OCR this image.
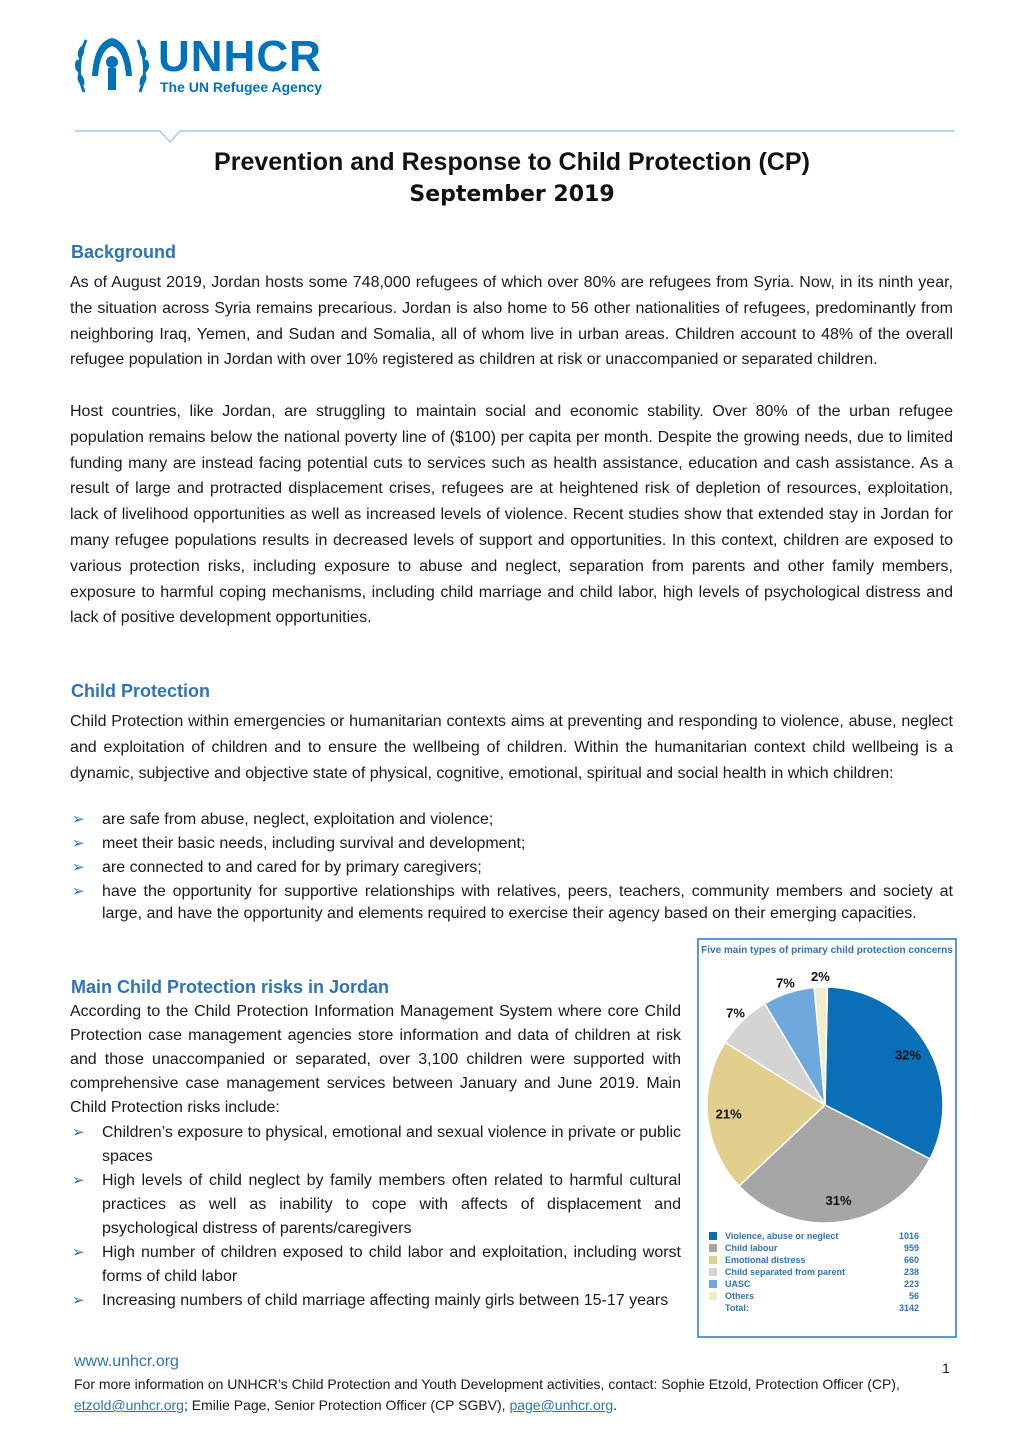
UNHCR
The UN Refugee Agency
Prevention and Response to Child Protection (CP)
September 2019
Background
As of August 2019, Jordan hosts some 748,000 refugees of which over 80% are refugees from Syria. Now, in its ninth year, the situation across Syria remains precarious. Jordan is also home to 56 other nationalities of refugees, predominantly from neighboring Iraq, Yemen, and Sudan and Somalia, all of whom live in urban areas. Children account to 48% of the overall refugee population in Jordan with over 10% registered as children at risk or unaccompanied or separated children.
Host countries, like Jordan, are struggling to maintain social and economic stability. Over 80% of the urban refugee population remains below the national poverty line of ($100) per capita per month. Despite the growing needs, due to limited funding many are instead facing potential cuts to services such as health assistance, education and cash assistance. As a result of large and protracted displacement crises, refugees are at heightened risk of depletion of resources, exploitation, lack of livelihood opportunities as well as increased levels of violence. Recent studies show that extended stay in Jordan for many refugee populations results in decreased levels of support and opportunities. In this context, children are exposed to various protection risks, including exposure to abuse and neglect, separation from parents and other family members, exposure to harmful coping mechanisms, including child marriage and child labor, high levels of psychological distress and lack of positive development opportunities.
Child Protection
Child Protection within emergencies or humanitarian contexts aims at preventing and responding to violence, abuse, neglect and exploitation of children and to ensure the wellbeing of children. Within the humanitarian context child wellbeing is a dynamic, subjective and objective state of physical, cognitive, emotional, spiritual and social health in which children:
➢ are safe from abuse, neglect, exploitation and violence;
➢ meet their basic needs, including survival and development;
➢ are connected to and cared for by primary caregivers;
➢ have the opportunity for supportive relationships with relatives, peers, teachers, community members and society at large, and have the opportunity and elements required to exercise their agency based on their emerging capacities.
Main Child Protection risks in Jordan
According to the Child Protection Information Management System where core Child Protection case management agencies store information and data of children at risk and those unaccompanied or separated, over 3,100 children were supported with comprehensive case management services between January and June 2019. Main Child Protection risks include:
➢ Children’s exposure to physical, emotional and sexual violence in private or public spaces
➢ High levels of child neglect by family members often related to harmful cultural practices as well as inability to cope with affects of displacement and psychological distress of parents/caregivers
➢ High number of children exposed to child labor and exploitation, including worst forms of child labor
➢ Increasing numbers of child marriage affecting mainly girls between 15-17 years
Five main types of primary child protection concerns
32%
31%
21%
7%
7% 2%
Violence, abuse or neglect	1016
Child labour	959
Emotional distress	660
Child separated from parent	238
UASC	223
Others	56
Total:	3142
www.unhcr.org	1
For more information on UNHCR’s Child Protection and Youth Development activities, contact: Sophie Etzold, Protection Officer (CP), etzold@unhcr.org; Emilie Page, Senior Protection Officer (CP SGBV), page@unhcr.org.
